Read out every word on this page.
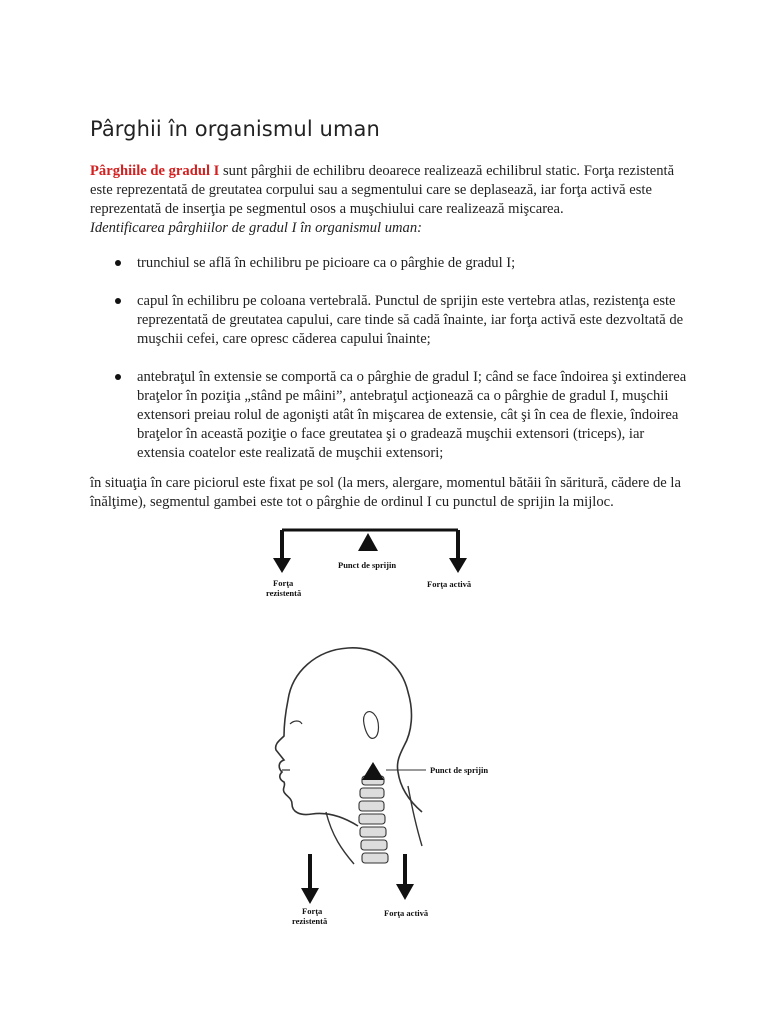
Pârghii în organismul uman

Pârghiile de gradul I sunt pârghii de echilibru deoarece realizează echilibrul static. Forţa rezistentă este reprezentată de greutatea corpului sau a segmentului care se deplasează, iar forţa activă este reprezentată de inserţia pe segmentul osos a muşchiului care realizează mişcarea.
Identificarea pârghiilor de gradul I în organismul uman:

trunchiul se află în echilibru pe picioare ca o pârghie de gradul I;
capul în echilibru pe coloana vertebrală. Punctul de sprijin este vertebra atlas, rezistenţa este reprezentată de greutatea capului, care tinde să cadă înainte, iar forţa activă este dezvoltată de muşchii cefei, care opresc căderea capului înainte;
antebraţul în extensie se comportă ca o pârghie de gradul I; când se face îndoirea şi extinderea braţelor în poziţia „stând pe mâini”, antebraţul acţionează ca o pârghie de gradul I, muşchii extensori preiau rolul de agonişti atât în mişcarea de extensie, cât şi în cea de flexie, îndoirea braţelor în această poziţie o face greutatea şi o gradează muşchii extensori (triceps), iar extensia coatelor este realizată de muşchii extensori;

în situaţia în care piciorul este fixat pe sol (la mers, alergare, momentul bătăii în săritură, cădere de la înălţime), segmentul gambei este tot o pârghie de ordinul I cu punctul de sprijin la mijloc.

Punct de sprijin
Forţa
rezistentă
Forţa activă
Punct de sprijin
Forţa
rezistentă
Forţa activă
